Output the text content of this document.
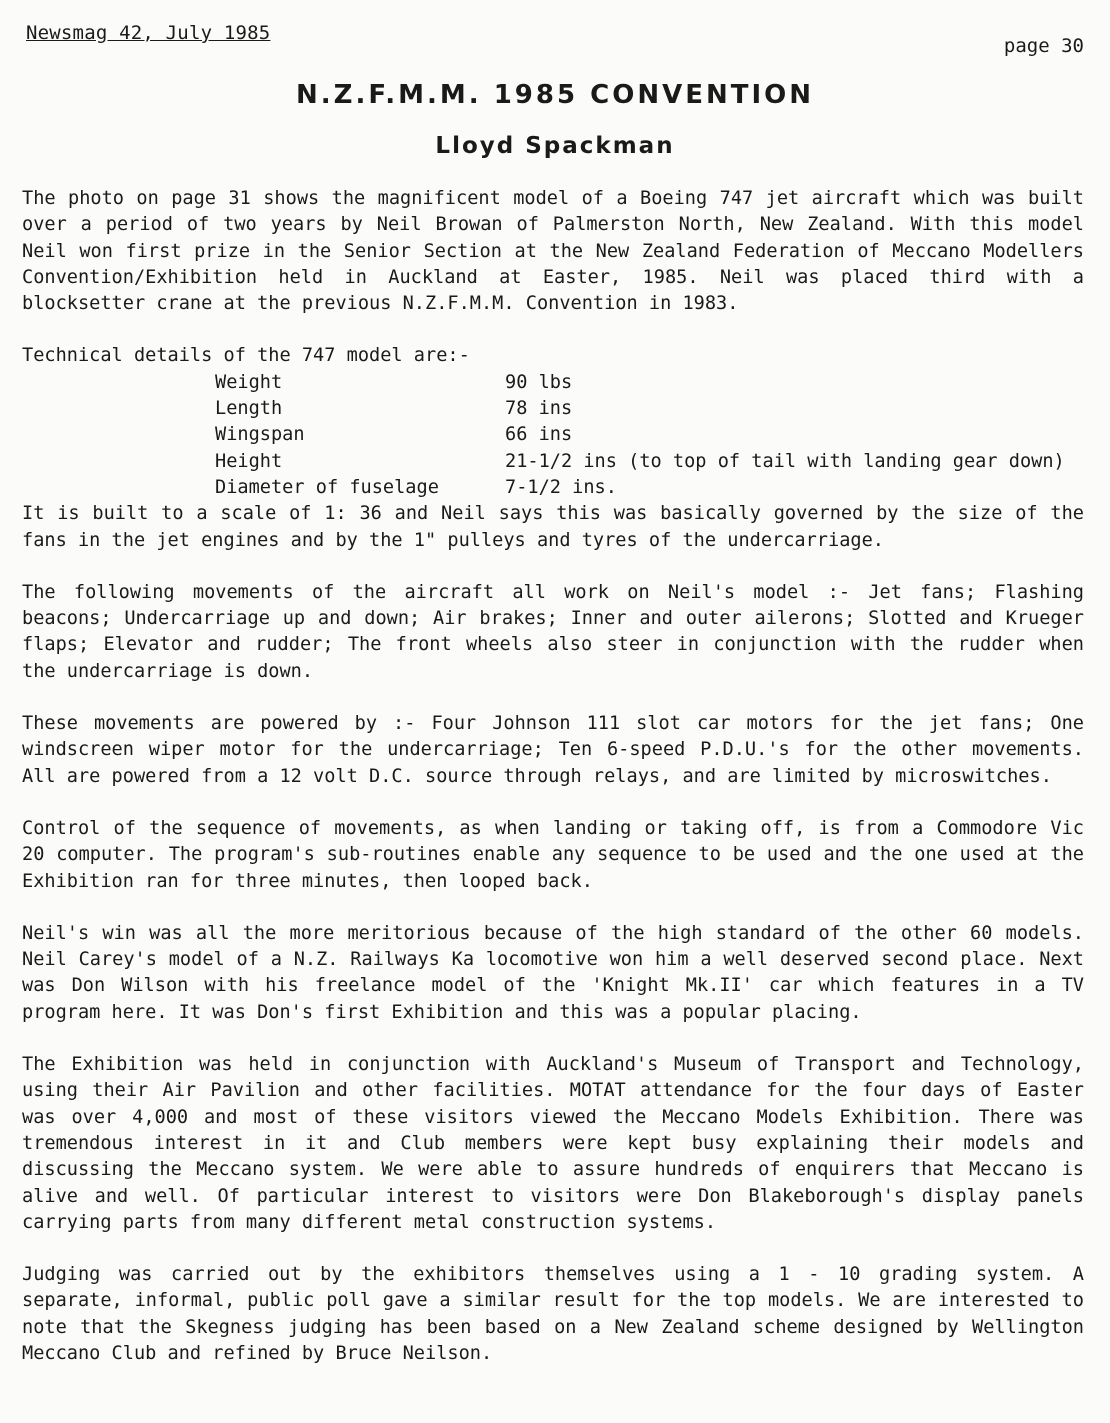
Newsmag 42, July 1985
page 30
N.Z.F.M.M. 1985 CONVENTION
Lloyd Spackman

The photo on page 31 shows the magnificent model of a Boeing 747 jet aircraft which was built over a period of two years by Neil Browan of Palmerston North, New Zealand. With this model Neil won first prize in the Senior Section at the New Zealand Federation of Meccano Modellers Convention/Exhibition held in Auckland at Easter, 1985. Neil was placed third with a blocksetter crane at the previous N.Z.F.M.M. Convention in 1983.

Technical details of the 747 model are:-

Weight	90 lbs
Length	78 ins
Wingspan	66 ins
Height	21-1/2 ins (to top of tail with landing gear down)
Diameter of fuselage	7-1/2 ins.

It is built to a scale of 1: 36 and Neil says this was basically governed by the size of the fans in the jet engines and by the 1" pulleys and tyres of the undercarriage.

The following movements of the aircraft all work on Neil's model :- Jet fans; Flashing beacons; Undercarriage up and down; Air brakes; Inner and outer ailerons; Slotted and Krueger flaps; Elevator and rudder; The front wheels also steer in conjunction with the rudder when the undercarriage is down.

These movements are powered by :- Four Johnson 111 slot car motors for the jet fans; One windscreen wiper motor for the undercarriage; Ten 6-speed P.D.U.'s for the other movements. All are powered from a 12 volt D.C. source through relays, and are limited by microswitches.

Control of the sequence of movements, as when landing or taking off, is from a Commodore Vic 20 computer. The program's sub-routines enable any sequence to be used and the one used at the Exhibition ran for three minutes, then looped back.

Neil's win was all the more meritorious because of the high standard of the other 60 models. Neil Carey's model of a N.Z. Railways Ka locomotive won him a well deserved second place. Next was Don Wilson with his freelance model of the 'Knight Mk.II' car which features in a TV program here. It was Don's first Exhibition and this was a popular placing.

The Exhibition was held in conjunction with Auckland's Museum of Transport and Technology, using their Air Pavilion and other facilities. MOTAT attendance for the four days of Easter was over 4,000 and most of these visitors viewed the Meccano Models Exhibition. There was tremendous interest in it and Club members were kept busy explaining their models and discussing the Meccano system. We were able to assure hundreds of enquirers that Meccano is alive and well. Of particular interest to visitors were Don Blakeborough's display panels carrying parts from many different metal construction systems.

Judging was carried out by the exhibitors themselves using a 1 - 10 grading system. A separate, informal, public poll gave a similar result for the top models. We are interested to note that the Skegness judging has been based on a New Zealand scheme designed by Wellington Meccano Club and refined by Bruce Neilson.
